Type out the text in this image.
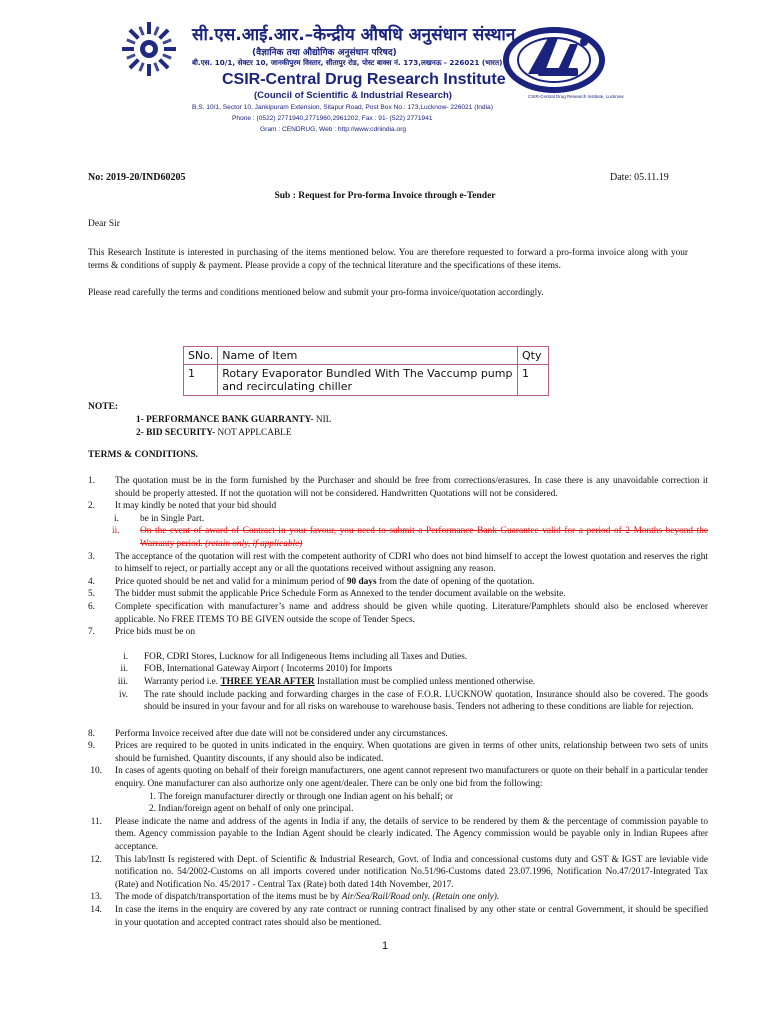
सी.एस.आई.आर.–केन्द्रीय औषधि अनुसंधान संस्थान
(वैज्ञानिक तथा औद्योगिक अनुसंधान परिषद)
बी.एस. 10/1, सेक्टर 10, जानकीपुरम विस्तार, सीतापुर रोड, पोस्ट बाक्स नं. 173,लखनऊ - 226021 (भारत)
CSIR-Central Drug Research Institute
(Council of Scientific & Industrial Research)
B.S. 10/1, Sector 10, Jankipuram Extension, Sitapur Road, Post Box No.: 173,Lucknow- 226021 (India)
Phone : (0522) 2771940,2771960,2961202, Fax : 91- (522) 2771941
Gram : CENDRUG, Web : http://www.cdriindia.org
CSIR-Central Drug Research Institute, Lucknow
No: 2019-20/IND60205	Date: 05.11.19
Sub : Request for Pro-forma Invoice through e-Tender
Dear Sir
This Research Institute is interested in purchasing of the items mentioned below. You are therefore requested to forward a pro-forma invoice along with your terms & conditions of supply & payment. Please provide a copy of the technical literature and the specifications of these items.
Please read carefully the terms and conditions mentioned below and submit your pro-forma invoice/quotation accordingly.
SNo.	Name of Item	Qty
1	Rotary Evaporator Bundled With The Vaccump pump and recirculating chiller	1
NOTE:
1- PERFORMANCE BANK GUARRANTY- NIL
2- BID SECURITY- NOT APPLCABLE
TERMS & CONDITIONS.
1.	The quotation must be in the form furnished by the Purchaser and should be free from corrections/erasures. In case there is any unavoidable correction it should be properly attested. If not the quotation will not be considered. Handwritten Quotations will not be considered.
2.	It may kindly be noted that your bid should
i. be in Single Part.
ii. On the event of award of Contract in your favour, you need to submit a Performance Bank Guarantee valid for a period of 2 Months beyond the Warranty period. (retain only, if applicable)
3.	The acceptance of the quotation will rest with the competent authority of CDRI who does not bind himself to accept the lowest quotation and reserves the right to himself to reject, or partially accept any or all the quotations received without assigning any reason.
4.	Price quoted should be net and valid for a minimum period of 90 days from the date of opening of the quotation.
5.	The bidder must submit the applicable Price Schedule Form as Annexed to the tender document available on the website.
6.	Complete specification with manufacturer’s name and address should be given while quoting. Literature/Pamphlets should also be enclosed wherever applicable. No FREE ITEMS TO BE GIVEN outside the scope of Tender Specs.
7.	Price bids must be on
i. FOR, CDRI Stores, Lucknow for all Indigeneous Items including all Taxes and Duties.
ii. FOB, International Gateway Airport ( Incoterms 2010) for Imports
iii. Warranty period i.e. THREE YEAR AFTER Installation must be complied unless mentioned otherwise.
iv. The rate should include packing and forwarding charges in the case of F.O.R. LUCKNOW quotation, Insurance should also be covered. The goods should be insured in your favour and for all risks on warehouse to warehouse basis. Tenders not adhering to these conditions are liable for rejection.
8.	Performa Invoice received after due date will not be considered under any circumstances.
9.	Prices are required to be quoted in units indicated in the enquiry. When quotations are given in terms of other units, relationship between two sets of units should be furnished. Quantity discounts, if any should also be indicated.
10. In cases of agents quoting on behalf of their foreign manufacturers, one agent cannot represent two manufacturers or quote on their behalf in a particular tender enquiry. One manufacturer can also authorize only one agent/dealer. There can be only one bid from the following:
1. The foreign manufacturer directly or through one Indian agent on his behalf; or
2. Indian/foreign agent on behalf of only one principal.
11. Please indicate the name and address of the agents in India if any, the details of service to be rendered by them & the percentage of commission payable to them. Agency commission payable to the Indian Agent should be clearly indicated. The Agency commission would be payable only in Indian Rupees after acceptance.
12. This lab/Instt Is registered with Dept. of Scientific & Industrial Research, Govt. of India and concessional customs duty and GST & IGST are leviable vide notification no. 54/2002-Customs on all imports covered under notification No.51/96-Customs dated 23.07.1996, Notification No.47/2017-Integrated Tax (Rate) and Notification No. 45/2017 - Central Tax (Rate) both dated 14th November, 2017.
13. The mode of dispatch/transportation of the items must be by Air/Sea/Rail/Road only. (Retain one only).
14. In case the items in the enquiry are covered by any rate contract or running contract finalised by any other state or central Government, it should be specified in your quotation and accepted contract rates should also be mentioned.
1
